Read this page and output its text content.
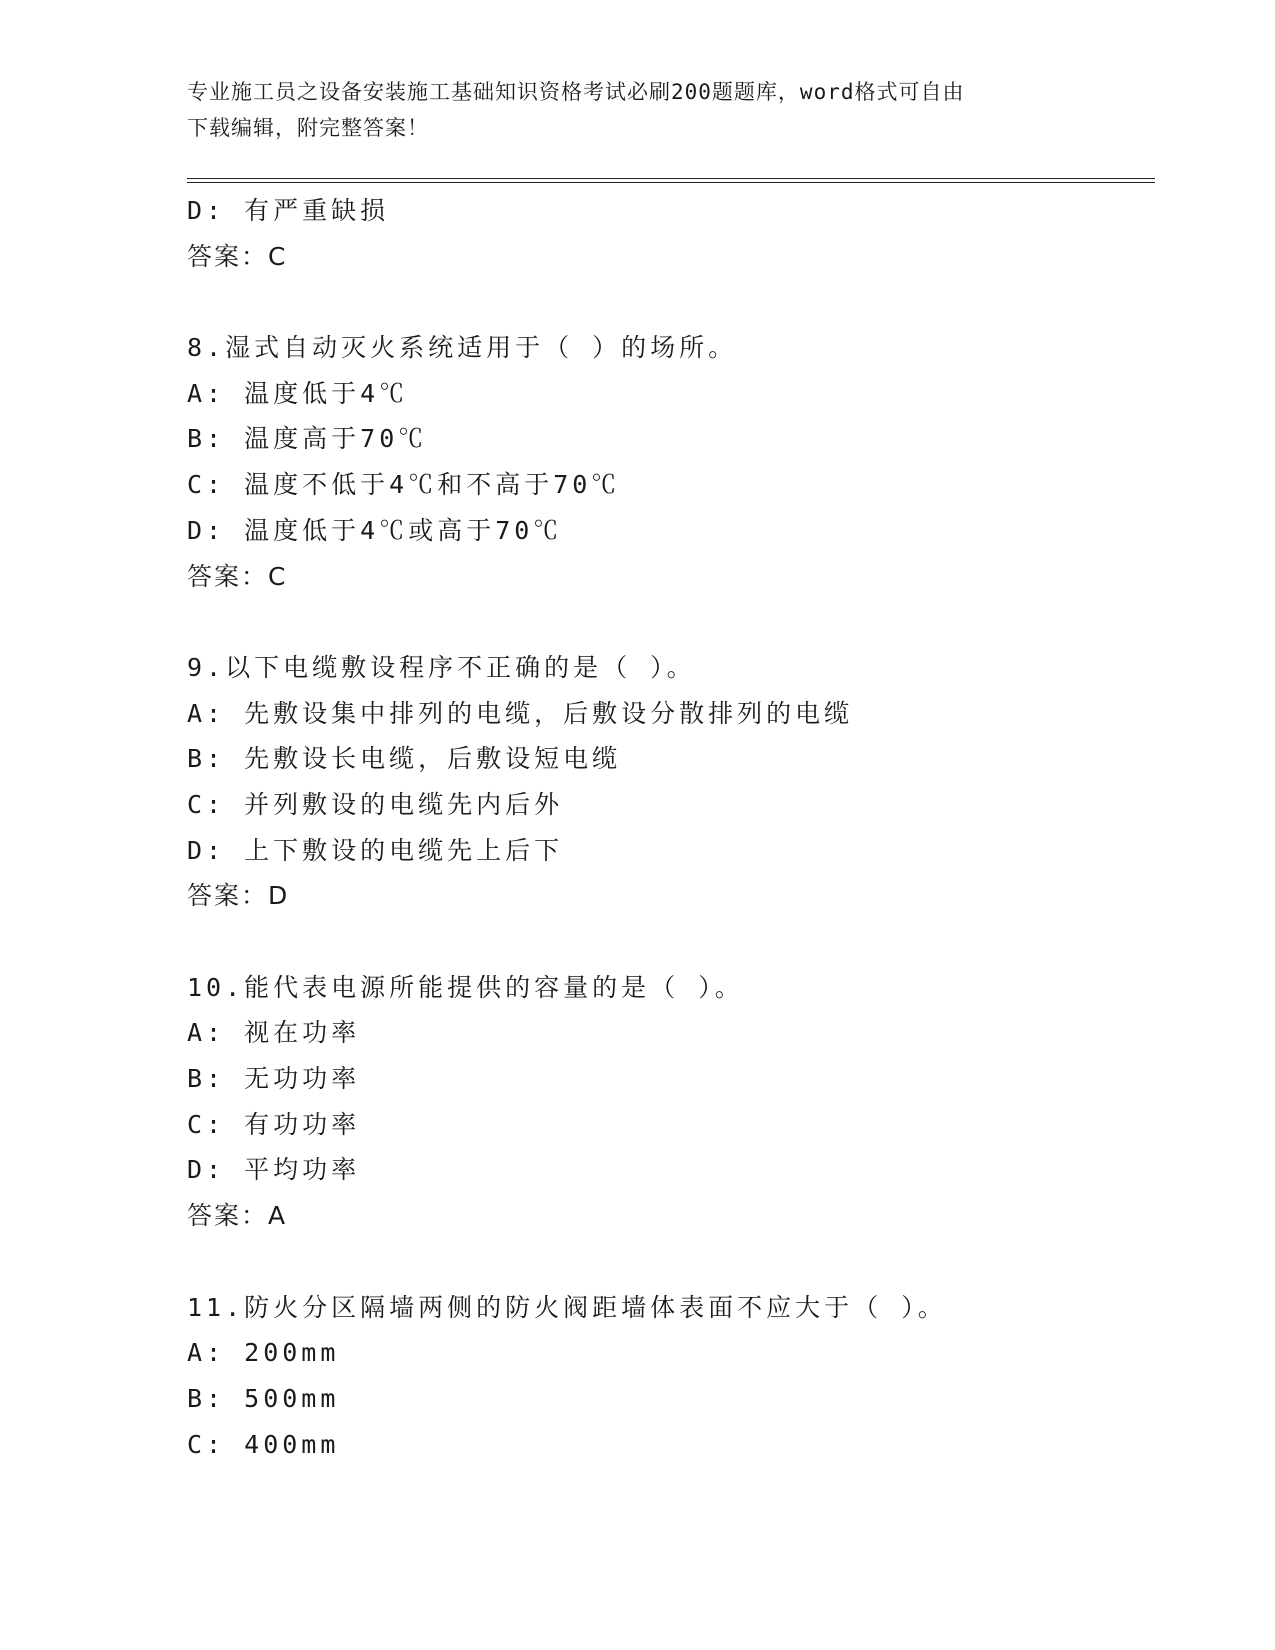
专业施工员之设备安装施工基础知识资格考试必刷200题题库，word格式可自由
下载编辑，附完整答案！
D: 有严重缺损
答案：C
8.湿式自动灭火系统适用于（ ）的场所。
A: 温度低于4℃
B: 温度高于70℃
C: 温度不低于4℃和不高于70℃
D: 温度低于4℃或高于70℃
答案：C
9.以下电缆敷设程序不正确的是（ ）。
A: 先敷设集中排列的电缆，后敷设分散排列的电缆
B: 先敷设长电缆，后敷设短电缆
C: 并列敷设的电缆先内后外
D: 上下敷设的电缆先上后下
答案：D
10.能代表电源所能提供的容量的是（ ）。
A: 视在功率
B: 无功功率
C: 有功功率
D: 平均功率
答案：A
11.防火分区隔墙两侧的防火阀距墙体表面不应大于（ ）。
A: 200mm
B: 500mm
C: 400mm
